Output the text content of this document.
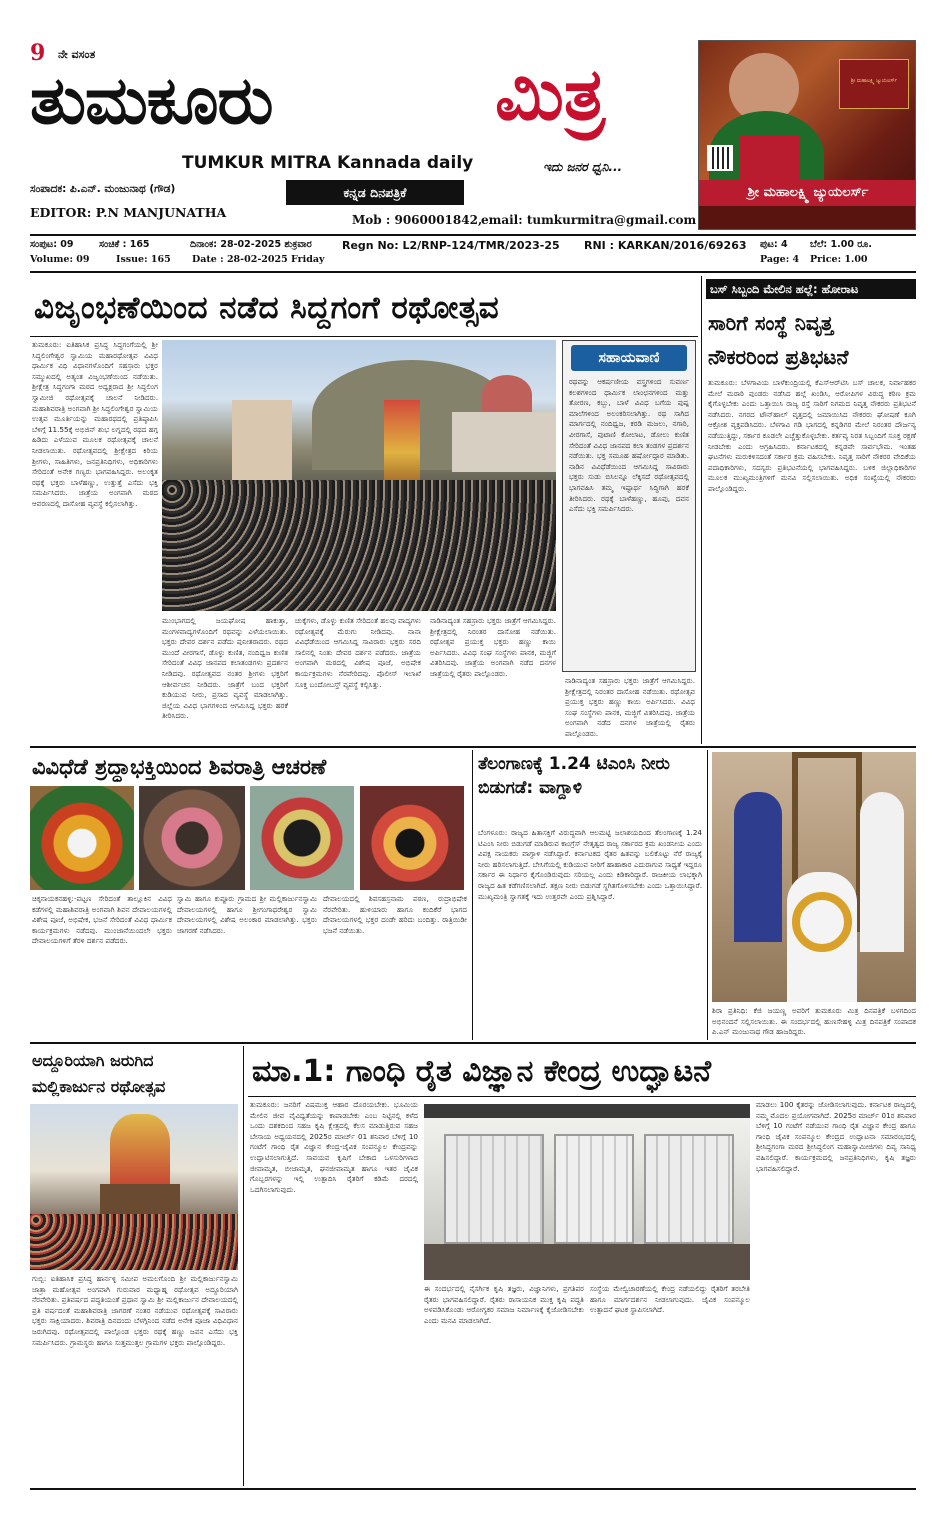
9 ನೇ ವಸಂತ
ತುಮಕೂರು	ಮಿತ್ರ
TUMKUR MITRA Kannada daily	ಇದು ಜನರ ಧ್ವನಿ...
ಸಂಪಾದಕ: ಪಿ.ಎನ್. ಮಂಜುನಾಥ (ಗೌಡ)
EDITOR: P.N MANJUNATHA
ಕನ್ನಡ ದಿನಪತ್ರಿಕೆ
Mob : 9060001842,
email: tumkurmitra@gmail.com
ಶ್ರೀ ಮಹಾಲಕ್ಷ್ಮಿ ಜ್ಯುಯಲರ್ಸ್
ಶ್ರೀ ಮಹಾಲಕ್ಷ್ಮಿ ಜ್ಯುಯಲರ್ಸ್
ಸಂಪುಟ: 09	ಸಂಚಿಕೆ : 165	ದಿನಾಂಕ: 28-02-2025 ಶುಕ್ರವಾರ
Volume: 09	Issue: 165 Date : 28-02-2025 Friday
Regn No: L2/RNP-124/TMR/2023-25 RNI : KARKAN/2016/69263 ಪುಟ: 4 ಬೆಲೆ: 1.00 ರೂ.
Page: 4 Price: 1.00
ವಿಜೃಂಭಣೆಯಿಂದ ನಡೆದ ಸಿದ್ದಗಂಗೆ ರಥೋತ್ಸವ
ತುಮಕೂರು: ಐತಿಹಾಸಿಕ ಪ್ರಸಿದ್ಧ ಸಿದ್ಧಗಂಗೆಯಲ್ಲಿ ಶ್ರೀ ಸಿದ್ಧಲಿಂಗೇಶ್ವರ ಸ್ವಾಮಿಯ ಮಹಾರಥೋತ್ಸವ ವಿವಿಧ ಧಾರ್ಮಿಕ ವಿಧಿ ವಿಧಾನಗಳೊಂದಿಗೆ ಸಹಸ್ರಾರು ಭಕ್ತರ ಸಮ್ಮುಖದಲ್ಲಿ ಅತ್ಯಂತ ವಿಜೃಂಭಣೆಯಿಂದ ನಡೆಯಿತು. ಶ್ರೀಕ್ಷೇತ್ರ ಸಿದ್ಧಗಂಗಾ ಮಠದ ಅಧ್ಯಕ್ಷರಾದ ಶ್ರೀ ಸಿದ್ಧಲಿಂಗ ಸ್ವಾಮೀಜಿ ರಥೋತ್ಸವಕ್ಕೆ ಚಾಲನೆ ನೀಡಿದರು. ಮಹಾಶಿವರಾತ್ರಿ ಅಂಗವಾಗಿ ಶ್ರೀ ಸಿದ್ಧಲಿಂಗೇಶ್ವರ ಸ್ವಾಮಿಯ ಉತ್ಸವ ಮೂರ್ತಿಯನ್ನು ಮಹಾರಥದಲ್ಲಿ ಪ್ರತಿಷ್ಠಾಪಿಸಿ ಬೆಳಿಗ್ಗೆ 11.55ಕ್ಕೆ ಅಭಿಜಿನ್ ಶುಭ ಲಗ್ನದಲ್ಲಿ ರಥದ ಹಗ್ಗ ಹಿಡಿದು ಎಳೆಯುವ ಮೂಲಕ ರಥೋತ್ಸವಕ್ಕೆ ಚಾಲನೆ ನೀಡಲಾಯಿತು. ರಥೋತ್ಸವದಲ್ಲಿ ಶ್ರೀಕ್ಷೇತ್ರದ ಕಿರಿಯ ಶ್ರೀಗಳು, ಸಾಹಿತಿಗಳು, ಜನಪ್ರತಿನಿಧಿಗಳು, ಅಧಿಕಾರಿಗಳು ಸೇರಿದಂತೆ ಅನೇಕ ಗಣ್ಯರು ಭಾಗವಹಿಸಿದ್ದರು. ಅಲಂಕೃತ ರಥಕ್ಕೆ ಭಕ್ತರು ಬಾಳೆಹಣ್ಣು, ಉತ್ತುತ್ತೆ ಎಸೆದು ಭಕ್ತಿ ಸಮರ್ಪಿಸಿದರು. ಜಾತ್ರೆಯ ಅಂಗವಾಗಿ ಮಠದ ಆವರಣದಲ್ಲಿ ದಾಸೋಹ ವ್ಯವಸ್ಥೆ ಕಲ್ಪಿಸಲಾಗಿತ್ತು.
ಮುಂಭಾಗದಲ್ಲಿ ಜಯಘೋಷ ಹಾಕುತ್ತಾ, ಮಂಗಳವಾದ್ಯಗಳೊಂದಿಗೆ ರಥವನ್ನು ಎಳೆಯಲಾಯಿತು. ಭಕ್ತರು ದೇವರ ದರ್ಶನ ಪಡೆದು ಪುನೀತರಾದರು. ರಥದ ಮುಂದೆ ವೀರಗಾಸೆ, ಡೊಳ್ಳು ಕುಣಿತ, ನಂದಿಧ್ವಜ ಕುಣಿತ ಸೇರಿದಂತೆ ವಿವಿಧ ಜಾನಪದ ಕಲಾತಂಡಗಳು ಪ್ರದರ್ಶನ ನೀಡಿದವು. ರಥೋತ್ಸವದ ನಂತರ ಶ್ರೀಗಳು ಭಕ್ತರಿಗೆ ಆಶೀರ್ವಚನ ನೀಡಿದರು. ಜಾತ್ರೆಗೆ ಬಂದ ಭಕ್ತರಿಗೆ ಕುಡಿಯುವ ನೀರು, ಪ್ರಸಾದ ವ್ಯವಸ್ಥೆ ಮಾಡಲಾಗಿತ್ತು. ಜಿಲ್ಲೆಯ ವಿವಿಧ ಭಾಗಗಳಿಂದ ಆಗಮಿಸಿದ್ದ ಭಕ್ತರು ಹರಕೆ ತೀರಿಸಿದರು.
ಚುಕ್ಕೆಗಳು, ಡೊಳ್ಳು ಕುಣಿತ ಸೇರಿದಂತೆ ಹಲವು ವಾದ್ಯಗಳು ರಥೋತ್ಸವಕ್ಕೆ ಮೆರುಗು ನೀಡಿದವು. ನಾನಾ ವಿವಿಧೆಡೆಯಿಂದ ಆಗಮಿಸಿದ್ದ ಸಾವಿರಾರು ಭಕ್ತರು ಸರದಿ ಸಾಲಿನಲ್ಲಿ ನಿಂತು ದೇವರ ದರ್ಶನ ಪಡೆದರು. ಜಾತ್ರೆಯ ಅಂಗವಾಗಿ ಮಠದಲ್ಲಿ ವಿಶೇಷ ಪೂಜೆ, ಅಭಿಷೇಕ ಕಾರ್ಯಕ್ರಮಗಳು ನೆರವೇರಿದವು. ಪೊಲೀಸ್ ಇಲಾಖೆ ಸೂಕ್ತ ಬಂದೋಬಸ್ತ್ ವ್ಯವಸ್ಥೆ ಕಲ್ಪಿಸಿತ್ತು.
ನಾಡಿನಾದ್ಯಂತ ಸಹಸ್ರಾರು ಭಕ್ತರು ಜಾತ್ರೆಗೆ ಆಗಮಿಸಿದ್ದರು. ಶ್ರೀಕ್ಷೇತ್ರದಲ್ಲಿ ನಿರಂತರ ದಾಸೋಹ ನಡೆಯಿತು. ರಥೋತ್ಸವ ಪ್ರಯುಕ್ತ ಭಕ್ತರು ಹಣ್ಣು ಕಾಯಿ ಅರ್ಪಿಸಿದರು. ವಿವಿಧ ಸಂಘ ಸಂಸ್ಥೆಗಳು ಪಾನಕ, ಮಜ್ಜಿಗೆ ವಿತರಿಸಿದವು. ಜಾತ್ರೆಯ ಅಂಗವಾಗಿ ನಡೆದ ದನಗಳ ಜಾತ್ರೆಯಲ್ಲಿ ರೈತರು ಪಾಲ್ಗೊಂಡರು.
ಸಹಾಯವಾಣಿ
ರಥವನ್ನು ಆಕರ್ಷಣೀಯ ವಸ್ತ್ರಗಳಿಂದ ಸುವರ್ಣ ಕಲಶಗಳಿಂದ ಧಾರ್ಮಿಕ ಲಾಂಛನಗಳಿಂದ ಮತ್ತು ತೋರಣ, ಕಬ್ಬು, ಬಾಳೆ ವಿವಿಧ ಬಗೆಯ ಪುಷ್ಪ ಮಾಲೆಗಳಿಂದ ಅಲಂಕರಿಸಲಾಗಿತ್ತು. ರಥ ಸಾಗಿದ ಮಾರ್ಗದಲ್ಲಿ ನಂದಿಧ್ವಜ, ಕರಡಿ ಮಜಲು, ನಗಾರಿ, ವೀರಗಾಸೆ, ಪುಟಾಣಿ ಕೋಲಾಟ, ಡೋಲು ಕುಣಿತ ಸೇರಿದಂತೆ ವಿವಿಧ ಜಾನಪದ ಕಲಾ ತಂಡಗಳ ಪ್ರದರ್ಶನ ನಡೆಯಿತು. ಭಕ್ತ ಸಮೂಹ ಹರ್ಷೋದ್ಗಾರ ಮಾಡಿತು. ನಾಡಿನ ವಿವಿಧೆಡೆಯಿಂದ ಆಗಮಿಸಿದ್ದ ಸಾವಿರಾರು ಭಕ್ತರು ಸುಡು ಬಿಸಿಲನ್ನೂ ಲೆಕ್ಕಿಸದೆ ರಥೋತ್ಸವದಲ್ಲಿ ಭಾಗವಹಿಸಿ ತಮ್ಮ ಇಷ್ಟಾರ್ಥ ಸಿದ್ಧಿಗಾಗಿ ಹರಕೆ ತೀರಿಸಿದರು. ರಥಕ್ಕೆ ಬಾಳೆಹಣ್ಣು, ಹೂವು, ದವನ ಎಸೆದು ಭಕ್ತಿ ಸಮರ್ಪಿಸಿದರು.
ನಾಡಿನಾದ್ಯಂತ ಸಹಸ್ರಾರು ಭಕ್ತರು ಜಾತ್ರೆಗೆ ಆಗಮಿಸಿದ್ದರು. ಶ್ರೀಕ್ಷೇತ್ರದಲ್ಲಿ ನಿರಂತರ ದಾಸೋಹ ನಡೆಯಿತು. ರಥೋತ್ಸವ ಪ್ರಯುಕ್ತ ಭಕ್ತರು ಹಣ್ಣು ಕಾಯಿ ಅರ್ಪಿಸಿದರು. ವಿವಿಧ ಸಂಘ ಸಂಸ್ಥೆಗಳು ಪಾನಕ, ಮಜ್ಜಿಗೆ ವಿತರಿಸಿದವು. ಜಾತ್ರೆಯ ಅಂಗವಾಗಿ ನಡೆದ ದನಗಳ ಜಾತ್ರೆಯಲ್ಲಿ ರೈತರು ಪಾಲ್ಗೊಂಡರು.
ಬಸ್ ಸಿಬ್ಬಂದಿ ಮೇಲಿನ ಹಲ್ಲೆ: ಹೋರಾಟ
ಸಾರಿಗೆ ಸಂಸ್ಥೆ ನಿವೃತ್ತ
ನೌಕರರಿಂದ ಪ್ರತಿಭಟನೆ
ತುಮಕೂರು: ಬೆಳಗಾವಿಯ ಬಾಳೆಕುಂದ್ರಿಯಲ್ಲಿ ಕೆಎಸ್‌ಆರ್‌ಟಿಸಿ ಬಸ್ ಚಾಲಕ, ನಿರ್ವಾಹಕರ ಮೇಲೆ ಮರಾಠಿ ಪುಂಡರು ನಡೆಸಿದ ಹಲ್ಲೆ ಖಂಡಿಸಿ, ಆರೋಪಿಗಳ ವಿರುದ್ಧ ಕಠಿಣ ಕ್ರಮ ಕೈಗೊಳ್ಳಬೇಕು ಎಂದು ಒತ್ತಾಯಿಸಿ ರಾಜ್ಯ ರಸ್ತೆ ಸಾರಿಗೆ ನಿಗಮದ ನಿವೃತ್ತ ನೌಕರರು ಪ್ರತಿಭಟನೆ ನಡೆಸಿದರು. ನಗರದ ಟೌನ್‌ಹಾಲ್ ವೃತ್ತದಲ್ಲಿ ಜಮಾಯಿಸಿದ ನೌಕರರು ಘೋಷಣೆ ಕೂಗಿ ಆಕ್ರೋಶ ವ್ಯಕ್ತಪಡಿಸಿದರು. ಬೆಳಗಾವಿ ಗಡಿ ಭಾಗದಲ್ಲಿ ಕನ್ನಡಿಗರ ಮೇಲೆ ನಿರಂತರ ದೌರ್ಜನ್ಯ ನಡೆಯುತ್ತಿದ್ದು, ಸರ್ಕಾರ ಕೂಡಲೇ ಎಚ್ಚೆತ್ತುಕೊಳ್ಳಬೇಕು. ಕರ್ತವ್ಯ ನಿರತ ಸಿಬ್ಬಂದಿಗೆ ಸೂಕ್ತ ರಕ್ಷಣೆ ನೀಡಬೇಕು ಎಂದು ಆಗ್ರಹಿಸಿದರು. ಕರ್ನಾಟಕದಲ್ಲಿ ಕನ್ನಡವೇ ಸಾರ್ವಭೌಮ. ಇಂತಹ ಘಟನೆಗಳು ಮರುಕಳಿಸದಂತೆ ಸರ್ಕಾರ ಕ್ರಮ ವಹಿಸಬೇಕು. ನಿವೃತ್ತ ಸಾರಿಗೆ ನೌಕರರ ವೇದಿಕೆಯ ಪದಾಧಿಕಾರಿಗಳು, ಸದಸ್ಯರು ಪ್ರತಿಭಟನೆಯಲ್ಲಿ ಭಾಗವಹಿಸಿದ್ದರು. ಬಳಿಕ ಜಿಲ್ಲಾಧಿಕಾರಿಗಳ ಮೂಲಕ ಮುಖ್ಯಮಂತ್ರಿಗಳಿಗೆ ಮನವಿ ಸಲ್ಲಿಸಲಾಯಿತು. ಅಧಿಕ ಸಂಖ್ಯೆಯಲ್ಲಿ ನೌಕರರು ಪಾಲ್ಗೊಂಡಿದ್ದರು.
ವಿವಿಧೆಡೆ ಶ್ರದ್ಧಾಭಕ್ತಿಯಿಂದ ಶಿವರಾತ್ರಿ ಆಚರಣೆ
ಚಿಕ್ಕನಾಯಕನಹಳ್ಳಿ:-ಪಟ್ಟಣ ಸೇರಿದಂತೆ ತಾಲ್ಲೂಕಿನ ವಿವಿಧ ಕಡೆಗಳಲ್ಲಿ ಮಹಾಶಿವರಾತ್ರಿ ಅಂಗವಾಗಿ ಶಿವನ ದೇವಾಲಯಗಳಲ್ಲಿ ವಿಶೇಷ ಪೂಜೆ, ಅಭಿಷೇಕ, ಭಜನೆ ಸೇರಿದಂತೆ ವಿವಿಧ ಧಾರ್ಮಿಕ ಕಾರ್ಯಕ್ರಮಗಳು ನಡೆದವು. ಮುಂಜಾನೆಯಿಂದಲೇ ಭಕ್ತರು ದೇವಾಲಯಗಳಿಗೆ ತೆರಳಿ ದರ್ಶನ ಪಡೆದರು.
ಸ್ವಾಮಿ ಹಾಗೂ ಕುಪ್ಪೂರು ಗ್ರಾಮದ ಶ್ರೀ ಮಲ್ಲಿಕಾರ್ಜುನಸ್ವಾಮಿ ದೇವಾಲಯಗಳಲ್ಲಿ ಹಾಗೂ ಶ್ರೀಗಂಗಾಧರೇಶ್ವರ ಸ್ವಾಮಿ ದೇವಾಲಯಗಳಲ್ಲಿ ವಿಶೇಷ ಅಲಂಕಾರ ಮಾಡಲಾಗಿತ್ತು. ಭಕ್ತರು ಜಾಗರಣೆ ನಡೆಸಿದರು.
ದೇವಾಲಯದಲ್ಲಿ ಶಿವಸಹಸ್ರನಾಮ ಪಠಣ, ರುದ್ರಾಭಿಷೇಕ ನೆರವೇರಿತು. ಹುಳಿಯಾರು ಹಾಗೂ ಕಂದಿಕೆರೆ ಭಾಗದ ದೇವಾಲಯಗಳಲ್ಲಿ ಭಕ್ತರ ದಂಡೇ ಹರಿದು ಬಂದಿತ್ತು. ರಾತ್ರಿಯಿಡೀ ಭಜನೆ ನಡೆಯಿತು.
ತೆಲಂಗಾಣಕ್ಕೆ 1.24 ಟಿಎಂಸಿ ನೀರು ಬಿಡುಗಡೆ: ವಾಗ್ದಾಳಿ
ಬೆಂಗಳೂರು: ರಾಜ್ಯದ ಹಿತಾಸಕ್ತಿಗೆ ವಿರುದ್ಧವಾಗಿ ಆಲಮಟ್ಟಿ ಜಲಾಶಯದಿಂದ ತೆಲಂಗಾಣಕ್ಕೆ 1.24 ಟಿಎಂಸಿ ನೀರು ಬಿಡುಗಡೆ ಮಾಡಿರುವ ಕಾಂಗ್ರೆಸ್ ನೇತೃತ್ವದ ರಾಜ್ಯ ಸರ್ಕಾರದ ಕ್ರಮ ಖಂಡನೀಯ ಎಂದು ವಿಪಕ್ಷ ನಾಯಕರು ವಾಗ್ದಾಳಿ ನಡೆಸಿದ್ದಾರೆ. ಕರ್ನಾಟಕದ ರೈತರ ಹಿತವನ್ನು ಬಲಿಕೊಟ್ಟು ನೆರೆ ರಾಜ್ಯಕ್ಕೆ ನೀರು ಹರಿಸಲಾಗುತ್ತಿದೆ. ಬೇಸಿಗೆಯಲ್ಲಿ ಕುಡಿಯುವ ನೀರಿಗೆ ಹಾಹಾಕಾರ ಎದುರಾಗುವ ಸಾಧ್ಯತೆ ಇದ್ದರೂ ಸರ್ಕಾರ ಈ ನಿರ್ಧಾರ ಕೈಗೊಂಡಿರುವುದು ಸರಿಯಲ್ಲ ಎಂದು ಕಿಡಿಕಾರಿದ್ದಾರೆ. ರಾಜಕೀಯ ಲಾಭಕ್ಕಾಗಿ ರಾಜ್ಯದ ಹಿತ ಕಡೆಗಣಿಸಲಾಗಿದೆ. ತಕ್ಷಣ ನೀರು ಬಿಡುಗಡೆ ಸ್ಥಗಿತಗೊಳಿಸಬೇಕು ಎಂದು ಒತ್ತಾಯಿಸಿದ್ದಾರೆ. ಮುಖ್ಯಮಂತ್ರಿ ಸ್ವಾಗತಕ್ಕೆ ಇದು ಉತ್ತರವೇ ಎಂದು ಪ್ರಶ್ನಿಸಿದ್ದಾರೆ.
ಶಿರಾ ಪ್ರತಿನಿಧಿ: ಕೆಜಿ ಜಯಣ್ಣ ಅವರಿಗೆ ತುಮಕೂರು ಮಿತ್ರ ದಿನಪತ್ರಿಕೆ ಬಳಗದಿಂದ ಅಭಿನಂದನೆ ಸಲ್ಲಿಸಲಾಯಿತು. ಈ ಸಂದರ್ಭದಲ್ಲಿ ಹುಣಸೇಹಳ್ಳಿ ಮಿತ್ರ ದಿನಪತ್ರಿಕೆ ಸಂಪಾದಕ ಪಿ.ಎನ್ ಮಂಜುನಾಥ ಗೌಡ ಹಾಜರಿದ್ದರು.
ಅದ್ದೂರಿಯಾಗಿ ಜರುಗಿದ
ಮಲ್ಲಿಕಾರ್ಜುನ ರಥೋತ್ಸವ
ಗುಬ್ಬಿ: ಐತಿಹಾಸಿಕ ಪ್ರಸಿದ್ಧ ಹಾರ್ನಳ್ಳಿ ಸಮೀಪ ಅಮಲಗೊಂದಿ ಶ್ರೀ ಮಲ್ಲಿಕಾರ್ಜುನಸ್ವಾಮಿ ಜಾತ್ರಾ ಮಹೋತ್ಸವ ಅಂಗವಾಗಿ ಗುರುವಾರ ಮಧ್ಯಾಹ್ನ ರಥೋತ್ಸವ ಅದ್ದೂರಿಯಾಗಿ ನೆರವೇರಿತು. ಪ್ರತಿವರ್ಷದ ಪದ್ಧತಿಯಂತೆ ಪ್ರಧಾನ ಸ್ವಾಮಿ ಶ್ರೀ ಮಲ್ಲಿಕಾರ್ಜುನ ದೇವಾಲಯದಲ್ಲಿ ಪ್ರತಿ ವರ್ಷದಂತೆ ಮಹಾಶಿವರಾತ್ರಿ ಜಾಗರಣೆ ನಂತರ ನಡೆಯುವ ರಥೋತ್ಸವಕ್ಕೆ ಸಾವಿರಾರು ಭಕ್ತರು ಸಾಕ್ಷಿಯಾದರು. ಶಿವರಾತ್ರಿ ದಿನದಂದು ಬೆಳಗ್ಗಿನಿಂದ ನಡೆದ ಅನೇಕ ಪೂಜಾ ವಿಧಿವಿಧಾನ ಜರುಗಿದವು. ರಥೋತ್ಸವದಲ್ಲಿ ಪಾಲ್ಗೊಂಡ ಭಕ್ತರು ರಥಕ್ಕೆ ಹಣ್ಣು ಜವನ ಎಸೆದು ಭಕ್ತಿ ಸಮರ್ಪಿಸಿದರು. ಗ್ರಾಮಸ್ಥರು ಹಾಗೂ ಸುತ್ತಮುತ್ತಲ ಗ್ರಾಮಗಳ ಭಕ್ತರು ಪಾಲ್ಗೊಂಡಿದ್ದರು.
ಮಾ.1: ಗಾಂಧಿ ರೈತ ವಿಜ್ಞಾನ ಕೇಂದ್ರ ಉದ್ಘಾಟನೆ
ತುಮಕೂರು: ಜನರಿಗೆ ವಿಷಮುಕ್ತ ಆಹಾರ ದೊರಯಬೇಕು. ಭೂಮಿಯ ಮೇಲಿನ ಜೀವ ವೈವಿಧ್ಯತೆಯನ್ನು ಕಾಪಾಡಬೇಕು ಎಂಬ ನಿಟ್ಟಿನಲ್ಲಿ ಕಳೆದ ಒಂದು ದಶಕದಿಂದ ಸಹಜ ಕೃಷಿ ಕ್ಷೇತ್ರದಲ್ಲಿ ಕೆಲಸ ಮಾಡುತ್ತಿರುವ ಸಹಜ ಬೇಸಾಯ ಅಧ್ಯಯನದಲ್ಲಿ 2025ರ ಮಾರ್ಚ್ 01 ಶನಿವಾರ ಬೆಳಿಗ್ಗೆ 10 ಗಂಟೆಗೆ ಗಾಂಧಿ ರೈತ ವಿಜ್ಞಾನ ಕೇಂದ್ರ-ಜೈವಿಕ ಸಂಪನ್ಮೂಲ ಕೇಂದ್ರವನ್ನು ಉದ್ಘಾಟಿಸಲಾಗುತ್ತಿದೆ. ಸಾವಯವ ಕೃಷಿಗೆ ಬೇಕಾದ ಒಳಸುರಿಗಳಾದ ಜೀವಾಮೃತ, ಬೀಜಾಮೃತ, ಘನಜೀವಾಮೃತ ಹಾಗೂ ಇತರ ಜೈವಿಕ ಗೊಬ್ಬರಗಳನ್ನು ಇಲ್ಲಿ ಉತ್ಪಾದಿಸಿ ರೈತರಿಗೆ ಕಡಿಮೆ ದರದಲ್ಲಿ ಒದಗಿಸಲಾಗುವುದು.
ಈ ಸಂದರ್ಭದಲ್ಲಿ ನೈಸರ್ಗಿಕ ಕೃಷಿ ತಜ್ಞರು, ವಿಜ್ಞಾನಿಗಳು, ಪ್ರಗತಿಪರ ರೈತರು ಭಾಗವಹಿಸಲಿದ್ದಾರೆ. ರೈತರು ರಾಸಾಯನಿಕ ಮುಕ್ತ ಕೃಷಿ ಪದ್ಧತಿ ಅಳವಡಿಸಿಕೊಂಡು ಆರೋಗ್ಯಕರ ಸಮಾಜ ನಿರ್ಮಾಣಕ್ಕೆ ಕೈಜೋಡಿಸಬೇಕು ಎಂದು ಮನವಿ ಮಾಡಲಾಗಿದೆ.
ಸಂಸ್ಥೆಯ ಮೇಲ್ವಿಚಾರಣೆಯಲ್ಲಿ ಕೇಂದ್ರ ನಡೆಯಲಿದ್ದು ರೈತರಿಗೆ ತರಬೇತಿ ಹಾಗೂ ಮಾರ್ಗದರ್ಶನ ನೀಡಲಾಗುವುದು. ಜೈವಿಕ ಸಂಪನ್ಮೂಲ ಉತ್ಪಾದನೆ ಘಟಕ ಸ್ಥಾಪಿಸಲಾಗಿದೆ.
ಮಾಡಲು 100 ಕೈತರನ್ನು ಜೋಡಿಸಲಾಗುವುದು. ಕರ್ನಾಟಕ ರಾಜ್ಯದಲ್ಲಿ ನಮ್ಮ ಮೊದಲ ಪ್ರಯೋಗವಾಗಿದೆ. 2025ರ ಮಾರ್ಚ್ 01ರ ಶನಿವಾರ ಬೆಳಿಗ್ಗೆ 10 ಗಂಟೆಗೆ ನಡೆಯುವ ಗಾಂಧಿ ರೈತ ವಿಜ್ಞಾನ ಕೇಂದ್ರ ಹಾಗೂ ಗಾಂಧಿ ಜೈವಿಕ ಸಂಪನ್ಮೂಲ ಕೇಂದ್ರದ ಉದ್ಘಾಟನಾ ಸಮಾರಂಭದಲ್ಲಿ ಶ್ರೀಸಿದ್ಧಗಂಗಾ ಮಠದ ಶ್ರೀಸಿದ್ಧಲಿಂಗ ಮಹಾಸ್ವಾಮೀಜಿಗಳು ದಿವ್ಯ ಸಾನಿಧ್ಯ ವಹಿಸಲಿದ್ದಾರೆ. ಕಾರ್ಯಕ್ರಮದಲ್ಲಿ ಜನಪ್ರತಿನಿಧಿಗಳು, ಕೃಷಿ ತಜ್ಞರು ಭಾಗವಹಿಸಲಿದ್ದಾರೆ.
